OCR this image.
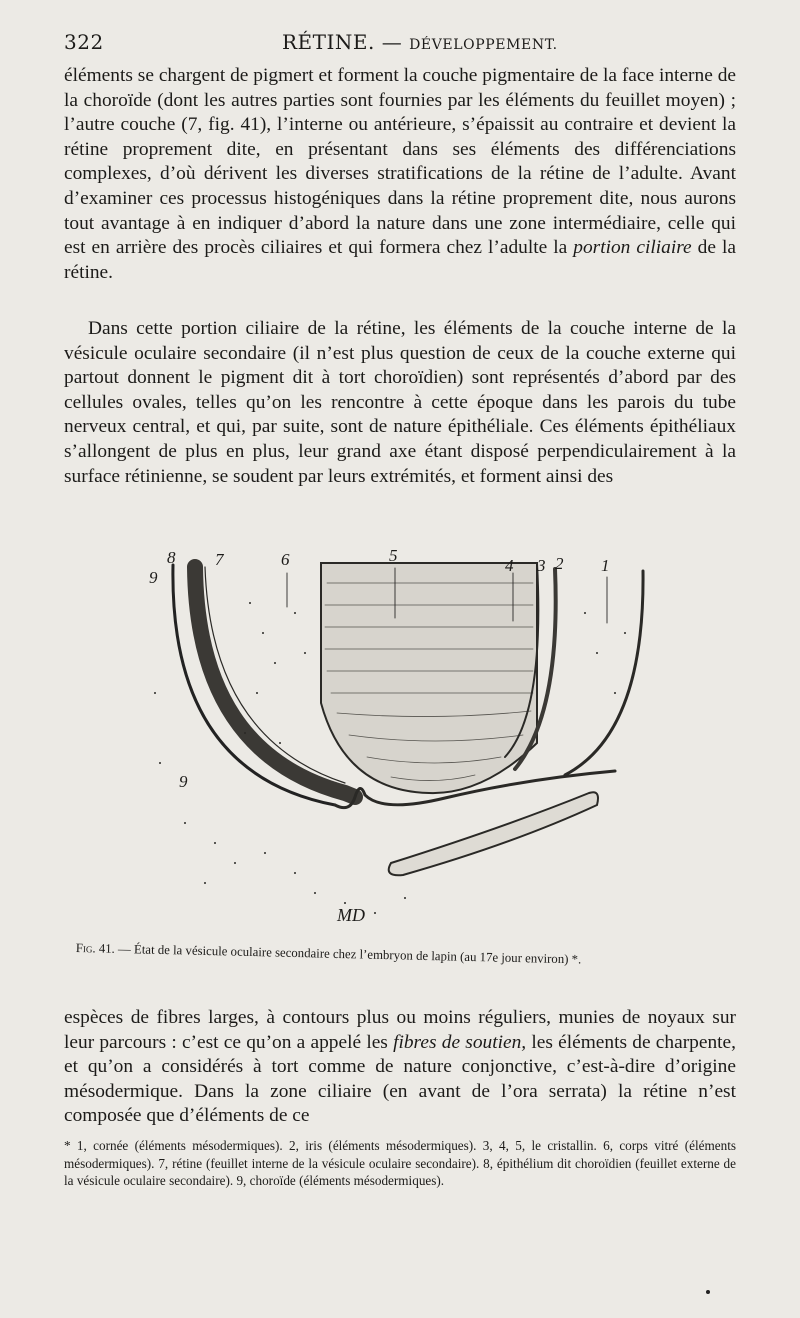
322	RÉTINE. — DÉVELOPPEMENT.

éléments se chargent de pigmert et forment la couche pigmentaire de la face interne de la choroïde (dont les autres parties sont fournies par les éléments du feuillet moyen) ; l’autre couche (7, fig. 41), l’interne ou antérieure, s’épaissit au contraire et devient la rétine proprement dite, en présentant dans ses éléments des différenciations complexes, d’où dérivent les diverses stratifications de la rétine de l’adulte. Avant d’examiner ces processus histogéniques dans la rétine proprement dite, nous aurons tout avantage à en indiquer d’abord la nature dans une zone intermédiaire, celle qui est en arrière des procès ciliaires et qui formera chez l’adulte la portion ciliaire de la rétine.

Dans cette portion ciliaire de la rétine, les éléments de la couche interne de la vésicule oculaire secondaire (il n’est plus question de ceux de la couche externe qui partout donnent le pigment dit à tort choroïdien) sont représentés d’abord par des cellules ovales, telles qu’on les rencontre à cette époque dans les parois du tube nerveux central, et qui, par suite, sont de nature épithéliale. Ces éléments épithéliaux s’allongent de plus en plus, leur grand axe étant disposé perpendiculairement à la surface rétinienne, se soudent par leurs extrémités, et forment ainsi des

8 7	6	5
4 3 2 1
9
9
MD

Fig. 41. — État de la vésicule oculaire secondaire chez l’embryon de lapin (au 17e jour environ) *.

espèces de fibres larges, à contours plus ou moins réguliers, munies de noyaux sur leur parcours : c’est ce qu’on a appelé les fibres de soutien, les éléments de charpente, et qu’on a considérés à tort comme de nature conjonctive, c’est-à-dire d’origine mésodermique. Dans la zone ciliaire (en avant de l’ora serrata) la rétine n’est composée que d’éléments de ce

* 1, cornée (éléments mésodermiques). 2, iris (éléments mésodermiques). 3, 4, 5, le cristallin. 6, corps vitré (éléments mésodermiques). 7, rétine (feuillet interne de la vésicule oculaire secondaire). 8, épithélium dit choroïdien (feuillet externe de la vésicule oculaire secondaire). 9, choroïde (éléments mésodermiques).
